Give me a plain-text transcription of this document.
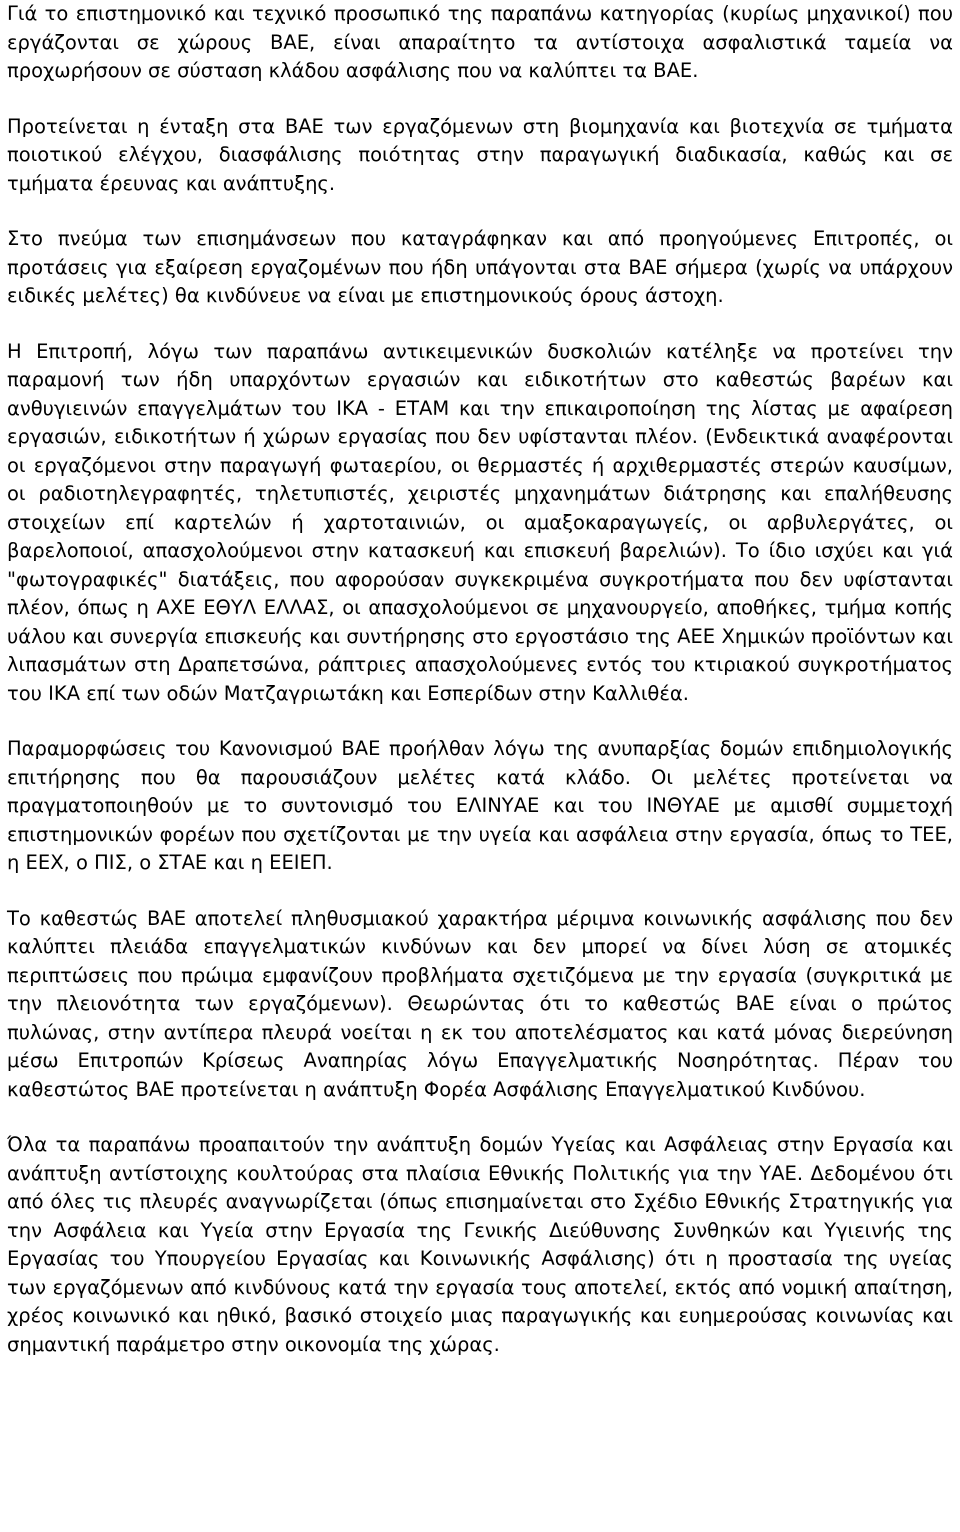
Γιά το επιστημονικό και τεχνικό προσωπικό της παραπάνω κατηγορίας (κυρίως μηχανικοί) που εργάζονται σε χώρους ΒΑΕ, είναι απαραίτητο τα αντίστοιχα ασφαλιστικά ταμεία να προχωρήσουν σε σύσταση κλάδου ασφάλισης που να καλύπτει τα ΒΑΕ.

Προτείνεται η ένταξη στα ΒΑΕ των εργαζόμενων στη βιομηχανία και βιοτεχνία σε τμήματα ποιοτικού ελέγχου, διασφάλισης ποιότητας στην παραγωγική διαδικασία, καθώς και σε τμήματα έρευνας και ανάπτυξης.

Στο πνεύμα των επισημάνσεων που καταγράφηκαν και από προηγούμενες Επιτροπές, οι προτάσεις για εξαίρεση εργαζομένων που ήδη υπάγονται στα ΒΑΕ σήμερα (χωρίς να υπάρχουν ειδικές μελέτες) θα κινδύνευε να είναι με επιστημονικούς όρους άστοχη.

Η Επιτροπή, λόγω των παραπάνω αντικειμενικών δυσκολιών κατέληξε να προτείνει την παραμονή των ήδη υπαρχόντων εργασιών και ειδικοτήτων στο καθεστώς βαρέων και ανθυγιεινών επαγγελμάτων του ΙΚΑ - ΕΤΑΜ και την επικαιροποίηση της λίστας με αφαίρεση εργασιών, ειδικοτήτων ή χώρων εργασίας που δεν υφίστανται πλέον. (Ενδεικτικά αναφέρονται οι εργαζόμενοι στην παραγωγή φωταερίου, οι θερμαστές ή αρχιθερμαστές στερών καυσίμων, οι ραδιοτηλεγραφητές, τηλετυπιστές, χειριστές μηχανημάτων διάτρησης και επαλήθευσης στοιχείων επί καρτελών ή χαρτοταινιών, οι αμαξοκαραγωγείς, οι αρβυλεργάτες, οι βαρελοποιοί, απασχολούμενοι στην κατασκευή και επισκευή βαρελιών). Το ίδιο ισχύει και γιά "φωτογραφικές" διατάξεις, που αφορούσαν συγκεκριμένα συγκροτήματα που δεν υφίστανται πλέον, όπως η ΑΧΕ ΕΘΥΛ ΕΛΛΑΣ, οι απασχολούμενοι σε μηχανουργείο, αποθήκες, τμήμα κοπής υάλου και συνεργία επισκευής και συντήρησης στο εργοστάσιο της ΑΕΕ Χημικών προϊόντων και λιπασμάτων στη Δραπετσώνα, ράπτριες απασχολούμενες εντός του κτιριακού συγκροτήματος του ΙΚΑ επί των οδών Ματζαγριωτάκη και Εσπερίδων στην Καλλιθέα.

Παραμορφώσεις του Κανονισμού ΒΑΕ προήλθαν λόγω της ανυπαρξίας δομών επιδημιολογικής επιτήρησης που θα παρουσιάζουν μελέτες κατά κλάδο. Οι μελέτες προτείνεται να πραγματοποιηθούν με το συντονισμό του ΕΛΙΝΥΑΕ και του ΙΝΘΥΑΕ με αμισθί συμμετοχή επιστημονικών φορέων που σχετίζονται με την υγεία και ασφάλεια στην εργασία, όπως το ΤΕΕ, η ΕΕΧ, ο ΠΙΣ, ο ΣΤΑΕ και η ΕΕΙΕΠ.

Το καθεστώς ΒΑΕ αποτελεί πληθυσμιακού χαρακτήρα μέριμνα κοινωνικής ασφάλισης που δεν καλύπτει πλειάδα επαγγελματικών κινδύνων και δεν μπορεί να δίνει λύση σε ατομικές περιπτώσεις που πρώιμα εμφανίζουν προβλήματα σχετιζόμενα με την εργασία (συγκριτικά με την πλειονότητα των εργαζόμενων). Θεωρώντας ότι το καθεστώς ΒΑΕ είναι ο πρώτος πυλώνας, στην αντίπερα πλευρά νοείται η εκ του αποτελέσματος και κατά μόνας διερεύνηση μέσω Επιτροπών Κρίσεως Αναπηρίας λόγω Επαγγελματικής Νοσηρότητας. Πέραν του καθεστώτος ΒΑΕ προτείνεται η ανάπτυξη Φορέα Ασφάλισης Επαγγελματικού Κινδύνου.

Όλα τα παραπάνω προαπαιτούν την ανάπτυξη δομών Υγείας και Ασφάλειας στην Εργασία και ανάπτυξη αντίστοιχης κουλτούρας στα πλαίσια Εθνικής Πολιτικής για την ΥΑΕ. Δεδομένου ότι από όλες τις πλευρές αναγνωρίζεται (όπως επισημαίνεται στο Σχέδιο Εθνικής Στρατηγικής για την Ασφάλεια και Υγεία στην Εργασία της Γενικής Διεύθυνσης Συνθηκών και Υγιεινής της Εργασίας του Υπουργείου Εργασίας και Κοινωνικής Ασφάλισης) ότι η προστασία της υγείας των εργαζόμενων από κινδύνους κατά την εργασία τους αποτελεί, εκτός από νομική απαίτηση, χρέος κοινωνικό και ηθικό, βασικό στοιχείο μιας παραγωγικής και ευημερούσας κοινωνίας και σημαντική παράμετρο στην οικονομία της χώρας.
